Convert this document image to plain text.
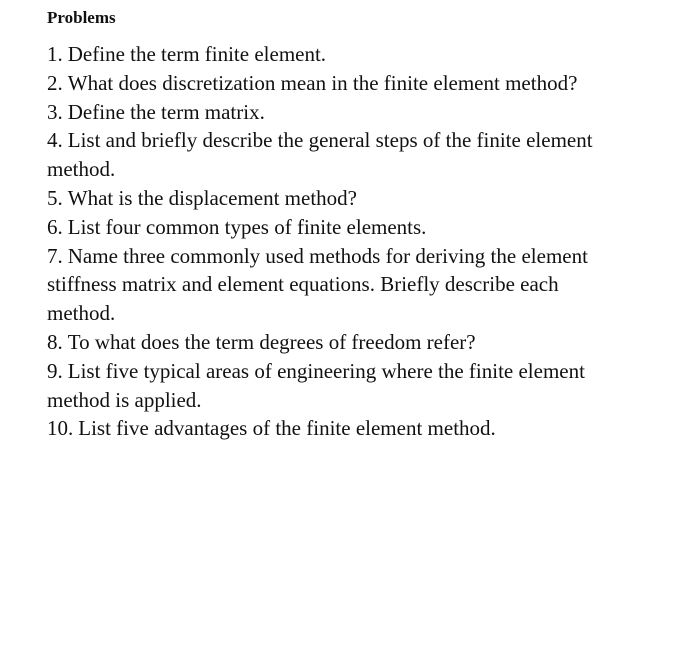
Problems
1. Define the term finite element.
2. What does discretization mean in the finite element method?
3. Define the term matrix.
4. List and briefly describe the general steps of the finite element method.
5. What is the displacement method?
6. List four common types of finite elements.
7. Name three commonly used methods for deriving the element stiffness matrix and element equations. Briefly describe each method.
8. To what does the term degrees of freedom refer?
9. List five typical areas of engineering where the finite element method is applied.
10. List five advantages of the finite element method.
